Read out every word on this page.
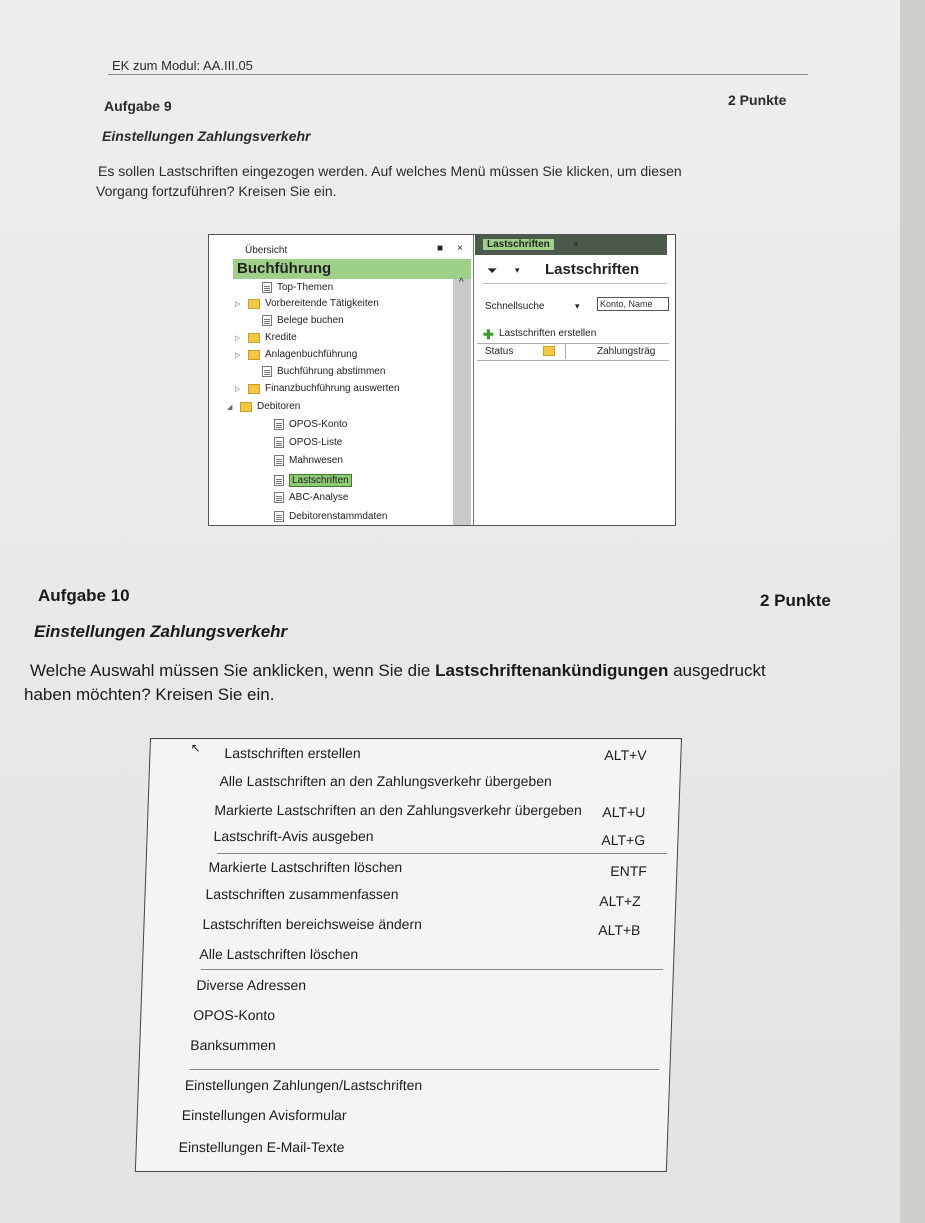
EK zum Modul: AA.III.05
Aufgabe 9	2 Punkte
Einstellungen Zahlungsverkehr
Es sollen Lastschriften eingezogen werden. Auf welches Menü müssen Sie klicken, um diesen
Vorgang fortzuführen? Kreisen Sie ein.
Übersicht	■ ×
Buchführung
^
Top-Themen
▷ Vorbereitende Tätigkeiten
Belege buchen
▷ Kredite
▷ Anlagenbuchführung
Buchführung abstimmen
▷ Finanzbuchführung auswerten
◢ Debitoren
OPOS-Konto
OPOS-Liste
Mahnwesen
Lastschriften
ABC-Analyse
Debitorenstammdaten
Lastschriften	×
⏷ ▾ Lastschriften
Schnellsuche	▾	Konto, Name
✚ Lastschriften erstellen
Status	Zahlungsträg
Aufgabe 10	2 Punkte
Einstellungen Zahlungsverkehr
Welche Auswahl müssen Sie anklicken, wenn Sie die Lastschriftenankündigungen ausgedruckt
haben möchten? Kreisen Sie ein.
↖ Lastschriften erstellen	ALT+V
Alle Lastschriften an den Zahlungsverkehr übergeben
Markierte Lastschriften an den Zahlungsverkehr übergeben ALT+U
Lastschrift-Avis ausgeben	ALT+G
Markierte Lastschriften löschen	ENTF
Lastschriften zusammenfassen	ALT+Z
Lastschriften bereichsweise ändern	ALT+B
Alle Lastschriften löschen
Diverse Adressen
OPOS-Konto
Banksummen
Einstellungen Zahlungen/Lastschriften
Einstellungen Avisformular
Einstellungen E-Mail-Texte
